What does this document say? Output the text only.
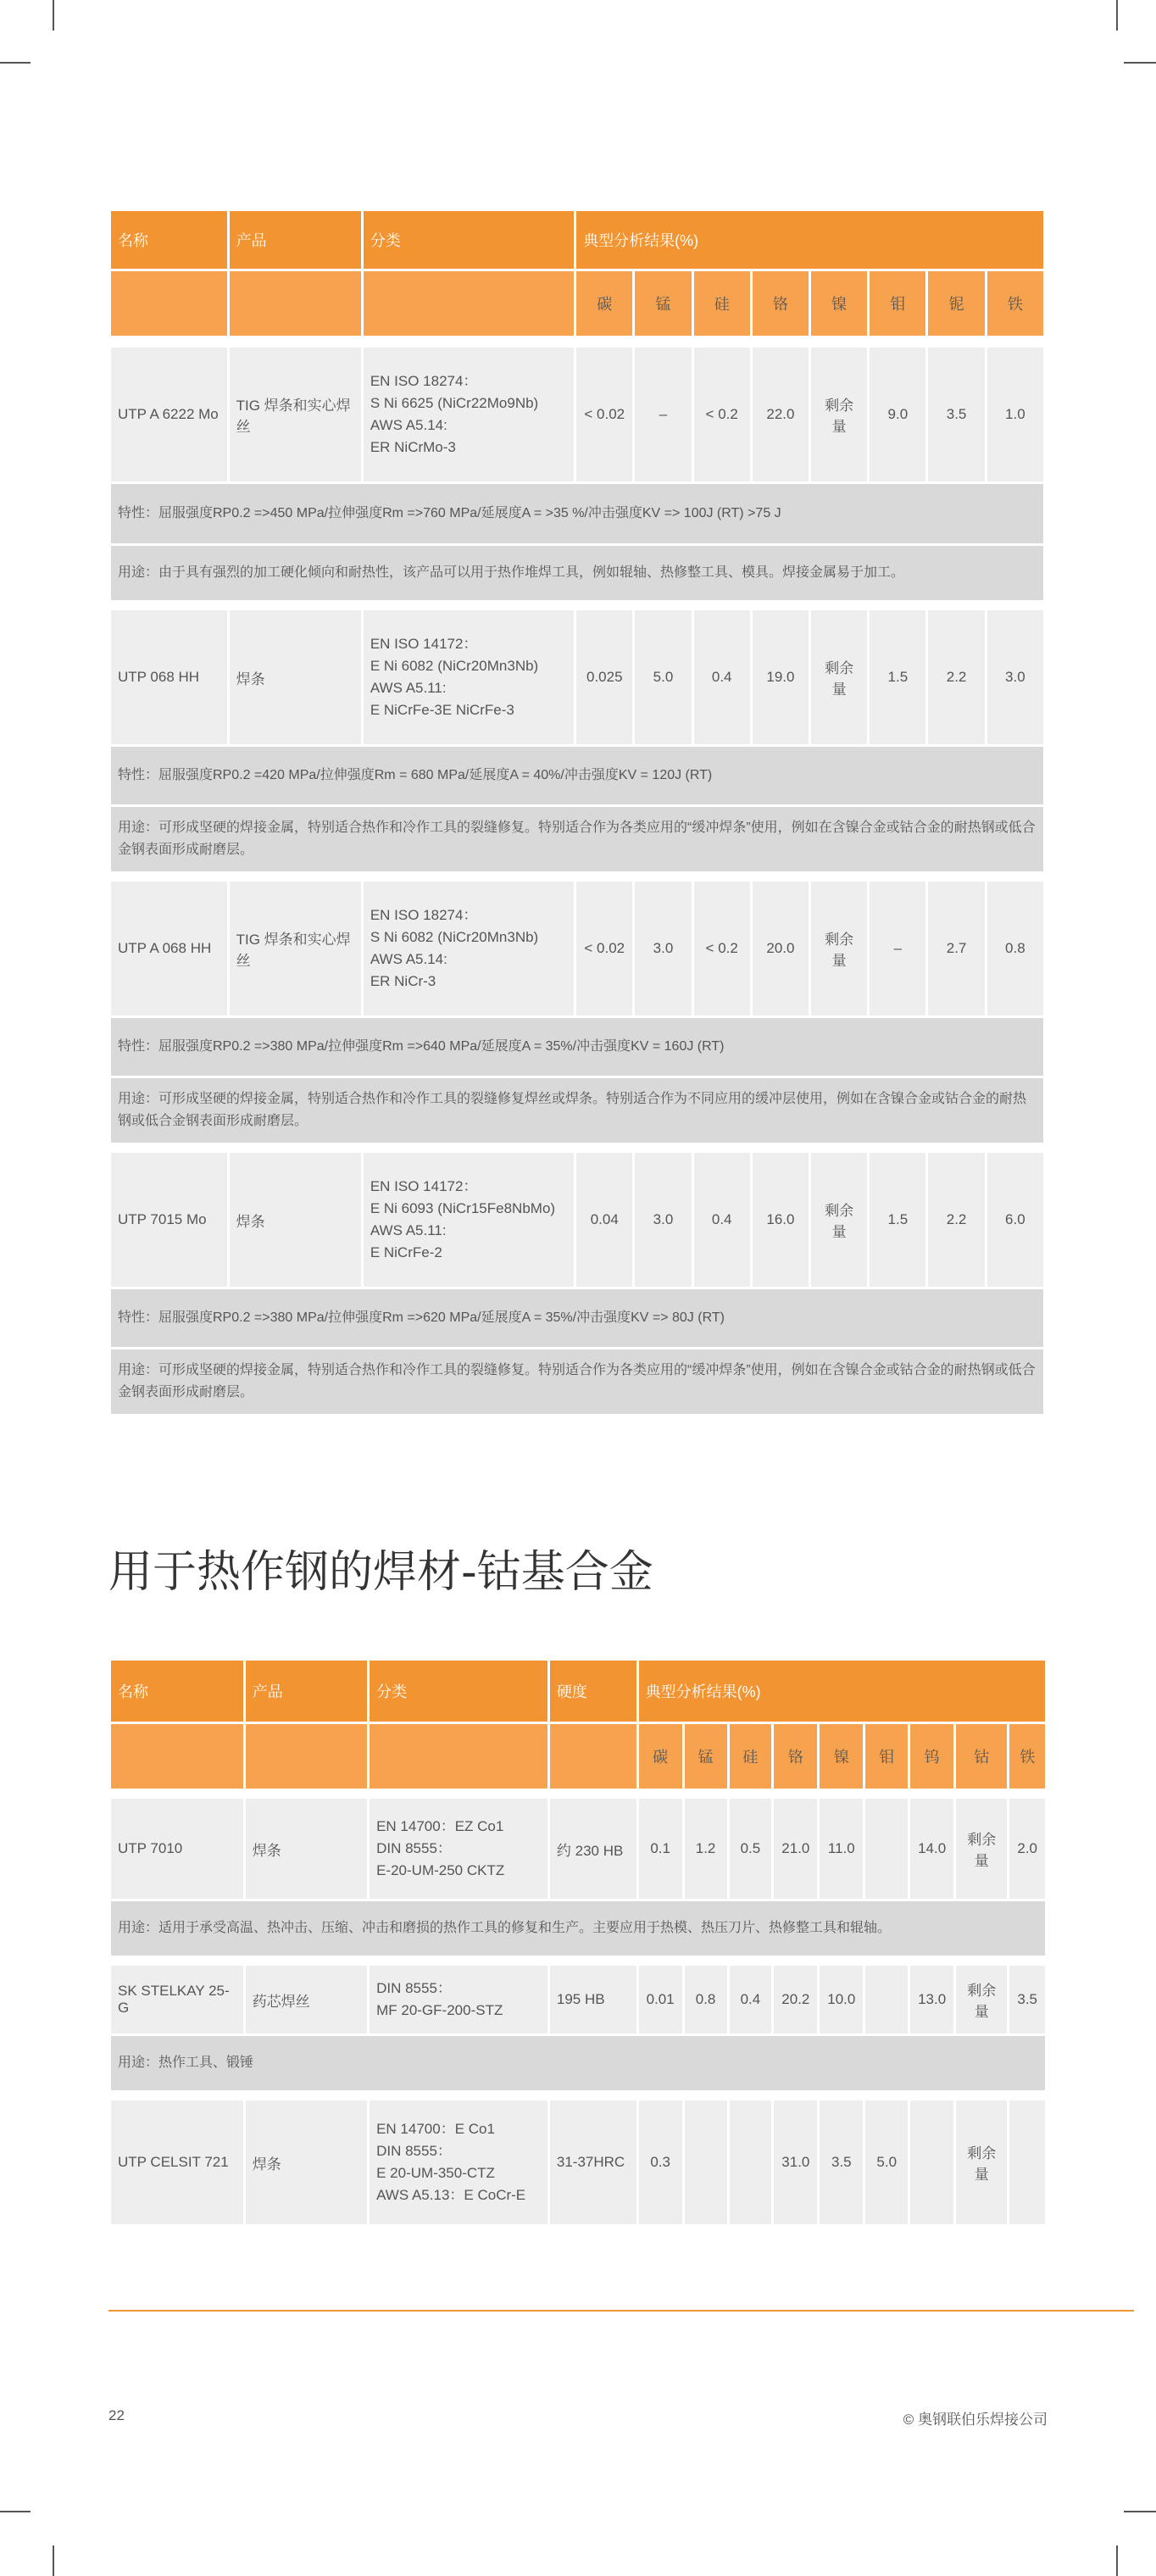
名称	产品	分类	典型分析结果(%)							
			碳	锰	硅	铬	镍	钼	铌	铁

UTP A 6222 Mo	TIG 焊条和实心焊丝	EN ISO 18274：
S Ni 6625 (NiCr22Mo9Nb)
AWS A5.14:
ER NiCrMo-3	< 0.02	–	< 0.2	22.0	剩余量	9.0	3.5	1.0
特性：屈服强度RP0.2 =>450 MPa/拉伸强度Rm =>760 MPa/延展度A = >35 %/冲击强度KV => 100J (RT) >75 J										
用途：由于具有强烈的加工硬化倾向和耐热性，该产品可以用于热作堆焊工具，例如辊轴、热修整工具、模具。焊接金属易于加工。										

UTP 068 HH	焊条	EN ISO 14172：
E Ni 6082 (NiCr20Mn3Nb)
AWS A5.11:
E NiCrFe-3E NiCrFe-3	0.025	5.0	0.4	19.0	剩余量	1.5	2.2	3.0
特性：屈服强度RP0.2 =420 MPa/拉伸强度Rm = 680 MPa/延展度A = 40%/冲击强度KV = 120J (RT)										
用途：可形成坚硬的焊接金属，特别适合热作和冷作工具的裂缝修复。特别适合作为各类应用的“缓冲焊条”使用，例如在含镍合金或钴合金的耐热钢或低合金钢表面形成耐磨层。										

UTP A 068 HH	TIG 焊条和实心焊丝	EN ISO 18274：
S Ni 6082 (NiCr20Mn3Nb)
AWS A5.14:
ER NiCr-3	< 0.02	3.0	< 0.2	20.0	剩余量	–	2.7	0.8
特性：屈服强度RP0.2 =>380 MPa/拉伸强度Rm =>640 MPa/延展度A = 35%/冲击强度KV = 160J (RT)										
用途：可形成坚硬的焊接金属，特别适合热作和冷作工具的裂缝修复焊丝或焊条。特别适合作为不同应用的缓冲层使用，例如在含镍合金或钴合金的耐热钢或低合金钢表面形成耐磨层。										

UTP 7015 Mo	焊条	EN ISO 14172：
E Ni 6093 (NiCr15Fe8NbMo)
AWS A5.11:
E NiCrFe-2	0.04	3.0	0.4	16.0	剩余量	1.5	2.2	6.0
特性：屈服强度RP0.2 =>380 MPa/拉伸强度Rm =>620 MPa/延展度A = 35%/冲击强度KV => 80J (RT)										
用途：可形成坚硬的焊接金属，特别适合热作和冷作工具的裂缝修复。特别适合作为各类应用的“缓冲焊条”使用，例如在含镍合金或钴合金的耐热钢或低合金钢表面形成耐磨层。										
用于热作钢的焊材-钴基合金
名称	产品	分类	硬度	典型分析结果(%)								
				碳	锰	硅	铬	镍	钼	钨	钴	铁

UTP 7010	焊条	EN 14700：EZ Co1
DIN 8555：
E-20-UM-250 CKTZ	约 230 HB	0.1	1.2	0.5	21.0	11.0		14.0	剩余量	2.0
用途：适用于承受高温、热冲击、压缩、冲击和磨损的热作工具的修复和生产。主要应用于热模、热压刀片、热修整工具和辊轴。												

SK STELKAY 25-G	药芯焊丝	DIN 8555：
MF 20-GF-200-STZ	195 HB	0.01	0.8	0.4	20.2	10.0		13.0	剩余量	3.5
用途：热作工具、锻锤												

UTP CELSIT 721	焊条	EN 14700：E Co1
DIN 8555：
E 20-UM-350-CTZ
AWS A5.13：E CoCr-E	31-37HRC	0.3			31.0	3.5	5.0		剩余量	
22	© 奥钢联伯乐焊接公司
